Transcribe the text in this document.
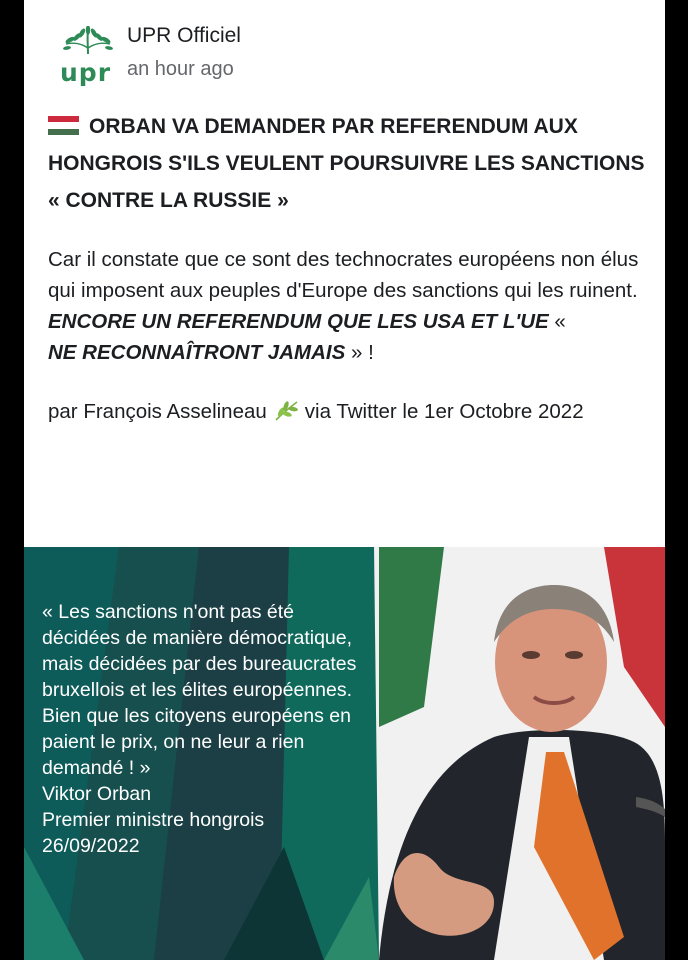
upr
UPR Officiel
an hour ago

ORBAN VA DEMANDER PAR REFERENDUM AUX HONGROIS S'ILS VEULENT POURSUIVRE LES SANCTIONS « CONTRE LA RUSSIE »

Car il constate que ce sont des technocrates européens non élus qui imposent aux peuples d'Europe des sanctions qui les ruinent.
ENCORE UN REFERENDUM QUE LES USA ET L'UE «
NE RECONNAÎTRONT JAMAIS » !
par François Asselineau via Twitter le 1er Octobre 2022

« Les sanctions n'ont pas été décidées de manière démocratique, mais décidées par des bureaucrates bruxellois et les élites européennes.

Bien que les citoyens européens en paient le prix, on ne leur a rien demandé ! »

Viktor Orban

Premier ministre hongrois

26/09/2022
